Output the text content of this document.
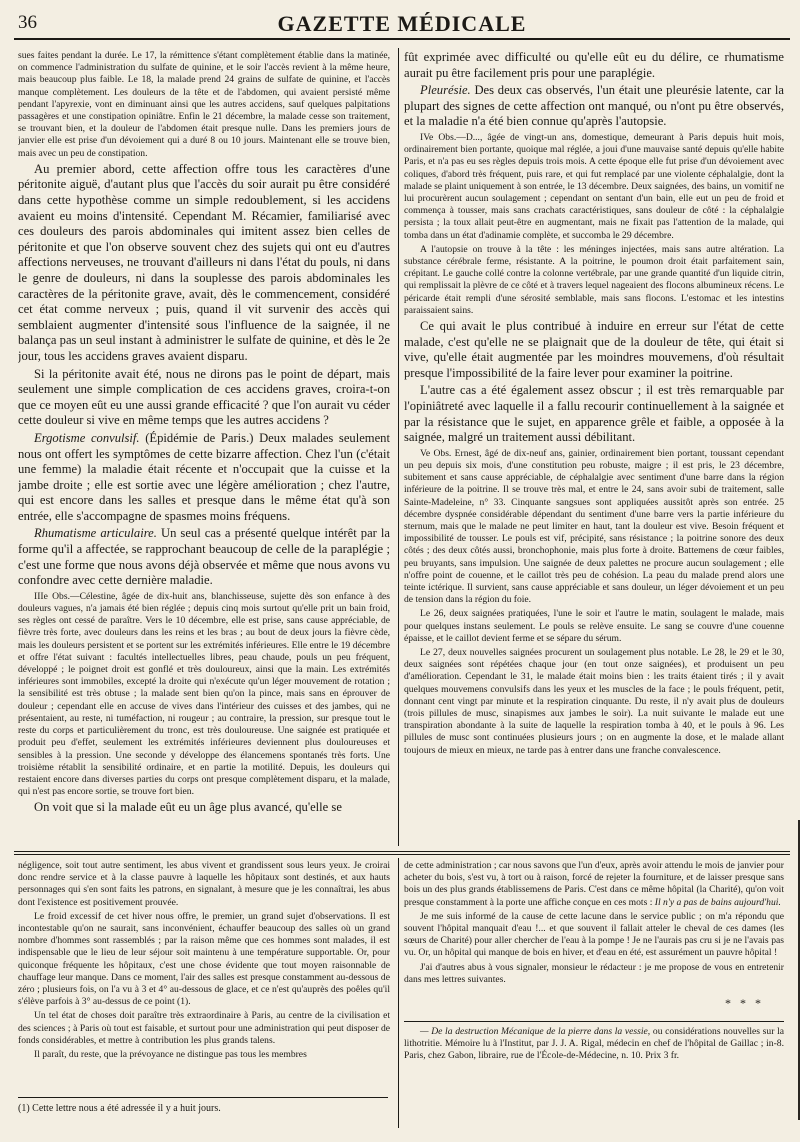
36	GAZETTE MÉDICALE

sues faites pendant la durée. Le 17, la rémittence s'étant complètement établie dans la matinée, on commence l'administration du sulfate de quinine, et le soir l'accès revient à la même heure, mais beaucoup plus faible. Le 18, la malade prend 24 grains de sulfate de quinine, et l'accès manque complètement. Les douleurs de la tête et de l'abdomen, qui avaient persisté même pendant l'apyrexie, vont en diminuant ainsi que les autres accidens, sauf quelques palpitations passagères et une constipation opiniâtre. Enfin le 21 décembre, la malade cesse son traitement, se trouvant bien, et la douleur de l'abdomen était presque nulle. Dans les premiers jours de janvier elle est prise d'un dévoiement qui a duré 8 ou 10 jours. Maintenant elle se trouve bien, mais avec un peu de constipation.

Au premier abord, cette affection offre tous les caractères d'une péritonite aiguë, d'autant plus que l'accès du soir aurait pu être considéré dans cette hypothèse comme un simple redoublement, si les accidens avaient eu moins d'intensité. Cependant M. Récamier, familiarisé avec ces douleurs des parois abdominales qui imitent assez bien celles de péritonite et que l'on observe souvent chez des sujets qui ont eu d'autres affections nerveuses, ne trouvant d'ailleurs ni dans l'état du pouls, ni dans le genre de douleurs, ni dans la souplesse des parois abdominales les caractères de la péritonite grave, avait, dès le commencement, considéré cet état comme nerveux ; puis, quand il vit survenir des accès qui semblaient augmenter d'intensité sous l'influence de la saignée, il ne balança pas un seul instant à administrer le sulfate de quinine, et dès le 2e jour, tous les accidens graves avaient disparu.

Si la péritonite avait été, nous ne dirons pas le point de départ, mais seulement une simple complication de ces accidens graves, croira-t-on que ce moyen eût eu une aussi grande efficacité ? que l'on aurait vu céder cette douleur si vive en même temps que les autres accidens ?

Ergotisme convulsif. (Épidémie de Paris.) Deux malades seulement nous ont offert les symptômes de cette bizarre affection. Chez l'un (c'était une femme) la maladie était récente et n'occupait que la cuisse et la jambe droite ; elle est sortie avec une légère amélioration ; chez l'autre, qui est encore dans les salles et presque dans le même état qu'à son entrée, elle s'accompagne de spasmes moins fréquens.

Rhumatisme articulaire. Un seul cas a présenté quelque intérêt par la forme qu'il a affectée, se rapprochant beaucoup de celle de la paraplégie ; c'est une forme que nous avons déjà observée et même que nous avons vu confondre avec cette dernière maladie.

IIIe Obs.—Célestine, âgée de dix-huit ans, blanchisseuse, sujette dès son enfance à des douleurs vagues, n'a jamais été bien réglée ; depuis cinq mois surtout qu'elle prit un bain froid, ses règles ont cessé de paraître. Vers le 10 décembre, elle est prise, sans cause appréciable, de fièvre très forte, avec douleurs dans les reins et les bras ; au bout de deux jours la fièvre cède, mais les douleurs persistent et se portent sur les extrémités inférieures. Elle entre le 19 décembre et offre l'état suivant : facultés intellectuelles libres, peau chaude, pouls un peu fréquent, développé ; le poignet droit est gonflé et très douloureux, ainsi que la main. Les extrémités inférieures sont immobiles, excepté la droite qui n'exécute qu'un léger mouvement de rotation ; la sensibilité est très obtuse ; la malade sent bien qu'on la pince, mais sans en éprouver de douleur ; cependant elle en accuse de vives dans l'intérieur des cuisses et des jambes, qui ne présentaient, au reste, ni tuméfaction, ni rougeur ; au contraire, la pression, sur presque tout le reste du corps et particulièrement du tronc, est très douloureuse. Une saignée est pratiquée et produit peu d'effet, seulement les extrémités inférieures deviennent plus douloureuses et sensibles à la pression. Une seconde y développe des élancemens spontanés très forts. Une troisième rétablit la sensibilité ordinaire, et en partie la motilité. Depuis, les douleurs qui restaient encore dans diverses parties du corps ont presque complètement disparu, et la malade, qui n'est pas encore sortie, se trouve fort bien.

On voit que si la malade eût eu un âge plus avancé, qu'elle se

fût exprimée avec difficulté ou qu'elle eût eu du délire, ce rhumatisme aurait pu être facilement pris pour une paraplégie.

Pleurésie. Des deux cas observés, l'un était une pleurésie latente, car la plupart des signes de cette affection ont manqué, ou n'ont pu être observés, et la maladie n'a été bien connue qu'après l'autopsie.

IVe Obs.—D..., âgée de vingt-un ans, domestique, demeurant à Paris depuis huit mois, ordinairement bien portante, quoique mal réglée, a joui d'une mauvaise santé depuis qu'elle habite Paris, et n'a pas eu ses règles depuis trois mois. A cette époque elle fut prise d'un dévoiement avec coliques, d'abord très fréquent, puis rare, et qui fut remplacé par une violente céphalalgie, dont la malade se plaint uniquement à son entrée, le 13 décembre. Deux saignées, des bains, un vomitif ne lui procurèrent aucun soulagement ; cependant on sentant d'un bain, elle eut un peu de froid et commença à tousser, mais sans crachats caractéristiques, sans douleur de côté : la céphalalgie persista ; la toux allait peut-être en augmentant, mais ne fixait pas l'attention de la malade, qui tomba dans un état d'adinamie complète, et succomba le 29 décembre.

A l'autopsie on trouve à la tête : les méninges injectées, mais sans autre altération. La substance cérébrale ferme, résistante. A la poitrine, le poumon droit était parfaitement sain, crépitant. Le gauche collé contre la colonne vertébrale, par une grande quantité d'un liquide citrin, qui remplissait la plèvre de ce côté et à travers lequel nageaient des flocons albumineux récens. Le péricarde était rempli d'une sérosité semblable, mais sans flocons. L'estomac et les intestins paraissaient sains.

Ce qui avait le plus contribué à induire en erreur sur l'état de cette malade, c'est qu'elle ne se plaignait que de la douleur de tête, qui était si vive, qu'elle était augmentée par les moindres mouvemens, d'où résultait presque l'impossibilité de la faire lever pour examiner la poitrine.

L'autre cas a été également assez obscur ; il est très remarquable par l'opiniâtreté avec laquelle il a fallu recourir continuellement à la saignée et par la résistance que le sujet, en apparence grêle et faible, a opposée à la saignée, malgré un traitement aussi débilitant.

Ve Obs. Ernest, âgé de dix-neuf ans, gainier, ordinairement bien portant, toussant cependant un peu depuis six mois, d'une constitution peu robuste, maigre ; il est pris, le 23 décembre, subitement et sans cause appréciable, de céphalalgie avec sentiment d'une barre dans la région inférieure de la poitrine. Il se trouve très mal, et entre le 24, sans avoir subi de traitement, salle Sainte-Madeleine, n° 33. Cinquante sangsues sont appliquées aussitôt après son entrée. 25 décembre dyspnée considérable dépendant du sentiment d'une barre vers la partie inférieure du sternum, mais que le malade ne peut limiter en haut, tant la douleur est vive. Besoin fréquent et impossibilité de tousser. Le pouls est vif, précipité, sans résistance ; la poitrine sonore des deux côtés ; des deux côtés aussi, bronchophonie, mais plus forte à droite. Battemens de cœur faibles, peu bruyants, sans impulsion. Une saignée de deux palettes ne procure aucun soulagement ; elle n'offre point de couenne, et le caillot très peu de cohésion. La peau du malade prend alors une teinte ictérique. Il survient, sans cause appréciable et sans douleur, un léger dévoiement et un peu de tension dans la région du foie.

Le 26, deux saignées pratiquées, l'une le soir et l'autre le matin, soulagent le malade, mais pour quelques instans seulement. Le pouls se relève ensuite. Le sang se couvre d'une couenne épaisse, et le caillot devient ferme et se sépare du sérum.

Le 27, deux nouvelles saignées procurent un soulagement plus notable. Le 28, le 29 et le 30, deux saignées sont répétées chaque jour (en tout onze saignées), et produisent un peu d'amélioration. Cependant le 31, le malade était moins bien : les traits étaient tirés ; il y avait quelques mouvemens convulsifs dans les yeux et les muscles de la face ; le pouls fréquent, petit, donnant cent vingt par minute et la respiration cinquante. Du reste, il n'y avait plus de douleurs (trois pillules de musc, sinapismes aux jambes le soir). La nuit suivante le malade eut une transpiration abondante à la suite de laquelle la respiration tomba à 40, et le pouls à 96. Les pillules de musc sont continuées plusieurs jours ; on en augmente la dose, et le malade allant toujours de mieux en mieux, ne tarde pas à entrer dans une franche convalescence.

négligence, soit tout autre sentiment, les abus vivent et grandissent sous leurs yeux. Je croirai donc rendre service et à la classe pauvre à laquelle les hôpitaux sont destinés, et aux hauts personnages qui s'en sont faits les patrons, en signalant, à mesure que je les connaîtrai, les abus dont l'existence est positivement prouvée.

Le froid excessif de cet hiver nous offre, le premier, un grand sujet d'observations. Il est incontestable qu'on ne saurait, sans inconvénient, échauffer beaucoup des salles où un grand nombre d'hommes sont rassemblés ; par la raison même que ces hommes sont malades, il est indispensable que le lieu de leur séjour soit maintenu à une température supportable. Or, pour quiconque fréquente les hôpitaux, c'est une chose évidente que tout moyen raisonnable de chauffage leur manque. Dans ce moment, l'air des salles est presque constamment au-dessous de zéro ; plusieurs fois, on l'a vu à 3 et 4° au-dessous de glace, et ce n'est qu'auprès des poêles qu'il s'élève parfois à 3° au-dessus de ce point (1).

Un tel état de choses doit paraître très extraordinaire à Paris, au centre de la civilisation et des sciences ; à Paris où tout est faisable, et surtout pour une administration qui peut disposer de fonds considérables, et mettre à contribution les plus grands talens.

Il paraît, du reste, que la prévoyance ne distingue pas tous les membres

(1) Cette lettre nous a été adressée il y a huit jours.

de cette administration ; car nous savons que l'un d'eux, après avoir attendu le mois de janvier pour acheter du bois, s'est vu, à tort ou à raison, forcé de rejeter la fourniture, et de laisser presque sans bois un des plus grands établissemens de Paris. C'est dans ce même hôpital (la Charité), qu'on voit presque constamment à la porte une affiche conçue en ces mots : Il n'y a pas de bains aujourd'hui.

Je me suis informé de la cause de cette lacune dans le service public ; on m'a répondu que souvent l'hôpital manquait d'eau !... et que souvent il fallait atteler le cheval de ces dames (les sœurs de Charité) pour aller chercher de l'eau à la pompe ! Je ne l'aurais pas cru si je ne l'avais pas vu. Or, un hôpital qui manque de bois en hiver, et d'eau en été, est assurément un pauvre hôpital !

J'ai d'autres abus à vous signaler, monsieur le rédacteur : je me propose de vous en entretenir dans mes lettres suivantes.

* * *

— De la destruction Mécanique de la pierre dans la vessie, ou considérations nouvelles sur la lithotritie. Mémoire lu à l'Institut, par J. J. A. Rigal, médecin en chef de l'hôpital de Gaillac ; in-8. Paris, chez Gabon, libraire, rue de l'École-de-Médecine, n. 10. Prix 3 fr.
